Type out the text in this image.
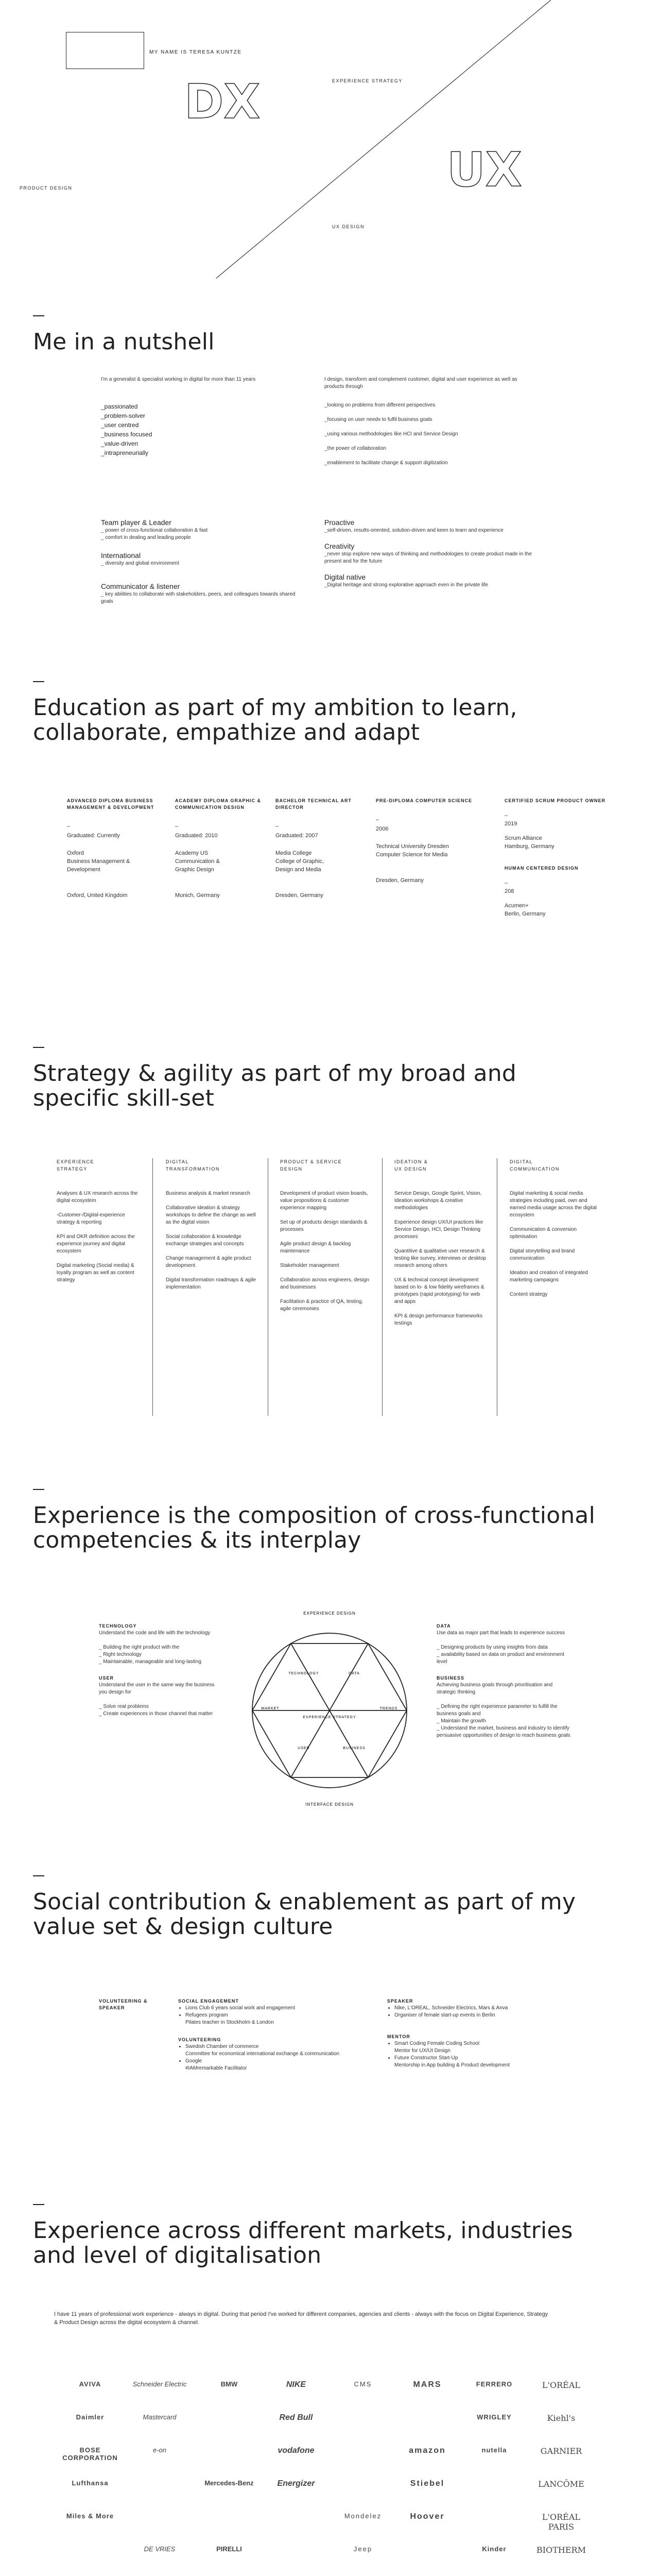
MY NAME IS TERESA KUNTZE
DX
UX
EXPERIENCE STRATEGY
PRODUCT DESIGN
UX DESIGN
Me in a nutshell
I'm a generalist & specialist working in digital for more than 11 years	I design, transform and complement customer, digital and user experience as well as products through
_passionated
_problem-solver
_user centred
_business focused
_value-driven
_intrapreneurially
_looking on problems from different perspectives
_focusing on user needs to fulfil business goals
_using various methodologies like HCI and Service Design
_the power of collaboration
_enablement to facilitate change & support digitization
Team player & Leader
_ power of cross-functional collaboration & fast
_ comfort in dealing and leading people
International
_ diversity and global environment
Communicator & listener
_ key abilities to collaborate with stakeholders, peers, and colleagues towards shared goals
Proactive
_self-driven, results-oriented, solution-driven and keen to learn and experience
Creativity
_never stop explore new ways of thinking and methodologies to create product made in the present and for the future
Digital native
_Digital heritage and strong explorative approach even in the private life
Education as part of my ambition to learn, collaborate, empathize and adapt
ADVANCED DIPLOMA BUSINESS MANAGEMENT & DEVELOPMENT
–
Graduated: Currently
Oxford
Business Management &
Development
Oxford, United Kingdom
ACADEMY DIPLOMA GRAPHIC & COMMUNICATION DESIGN
–
Graduated: 2010
Academy US
Communication &
Graphic Design
Munich, Germany
BACHELOR TECHNICAL ART DIRECTOR
–
Graduated: 2007
Media College
College of Graphic,
Design and Media
Dresden, Germany
PRE-DIPLOMA COMPUTER SCIENCE
–
2006
Technical University Dresden
Computer Science for Media
Dresden, Germany
CERTIFIED SCRUM PRODUCT OWNER
–
2019
Scrum Alliance
Hamburg, Germany
HUMAN CENTERED DESIGN
–
208
Acumen+
Berlin, Germany
Strategy & agility as part of my broad and specific skill-set
EXPERIENCE
STRATEGY
Analyses & UX research across the digital ecosystem

-Customer-/Digital-experience strategy & reporting

KPI and OKR definition across the experience journey and digital ecosystem

Digital marketing (Social media) & loyalty program as well as content strategy
DIGITAL
TRANSFORMATION
Business analysis & market research

Collaborative ideation & strategy workshops to define the change as well as the digital vision

Social collaboration & knowledge exchange strategies and concepts

Change management & agile product development

Digital transformation roadmaps & agile implementation
PRODUCT & SERVICE
DESIGN
Development of product vision boards, value propositions & customer experience mapping

Set up of products design standards & processes

Agile product design & backlog maintenance

Stakeholder management

Collaboration across engineers, design and businesses

Facilitation & practice of QA, testing, agile ceremonies
IDEATION &
UX DESIGN
Service Design, Google Sprint, Vision, Ideation workshops & creative methodologies

Experience design UX/UI practices like Service Design, HCI, Design Thinking processes

Quantitive & qualitative user research & testing like survey, interviews or desktop research among others

UX & technical concept development based on lo- & low fidelity wireframes & prototypes (rapid prototyping) for web and apps

KPI & design performance frameworks testings
DIGITAL
COMMUNICATION
Digital marketing & social media strategies including paid, own and earned media usage across the digital ecosystem

Communication & conversion optimisation

Digital storytelling and brand communication

Ideation and creation of integrated marketing campaigns

Content strategy
Experience is the composition of cross-functional competencies & its interplay
TECHNOLOGY
Understand the code and life with the technology

_ Building the right product with the
_ Right technology
_ Maintainable, manageable and long-lasting
USER
Understand the user in the same way the business you design for

_ Solve real problems
_ Create experiences in those channel that matter
EXPERIENCE DESIGN
INTERFACE DESIGN
TECHNOLOGY	DATA
MARKET	TRENDS
EXPERIENCE STRATEGY
USER	BUSINESS
DATA
Use data as major part that leads to experience success

_ Designing products by using insights from data
_ availability based on data on product and environment level
BUSINESS
Achieving business goals through prioritisation and strategic thinking

_ Defining the right experience parameter to fulfill the business goals and
_ Maintain the growth
_ Understand the market, business and industry to identify persuasive opportunities of design to reach business goals
Social contribution & enablement as part of my value set & design culture
VOLUNTEERING &
SPEAKER
SOCIAL ENGAGEMENT
• Lions Club 6 years social work and engagement
• Refugees program
Pilates teacher in Stockholm & London
VOLUNTEERING
• Swedish Chamber of commerce
Committee for economical international exchange & communication
• Google
#IAMremarkable Facilitator
SPEAKER
• Nike, L'OREAL, Schneider Electrics, Mars & Anva
• Organiser of female start-up events in Berlin
MENTOR
• Smart Coding Female Coding School
Mentor for UX/UI Design
• Future Constructor Start-Up
Mentorship in App building & Product development
Experience across different markets, industries and level of digitalisation
I have 11 years of professional work experience - always in digital. During that period I've worked for different companies, agencies and clients - always with the focus on Digital Experience, Strategy & Product Design across the digital ecosystem & channel.
AVIVA	Schneider Electric	BMW	NIKE	CMS	MARS	FERRERO	L'ORÉAL
Daimler	Mastercard	Red Bull	WRIGLEY	Kiehl's
BOSE CORPORATION
e-on	vodafone	amazon	nutella	GARNIER
Lufthansa	Mercedes-Benz	Energizer	Stiebel	LANCÔME
Miles & More	Mondelez	Hoover	L'ORÉAL PARIS
DE VRIES	PIRELLI	Jeep	Kinder	BIOTHERM
